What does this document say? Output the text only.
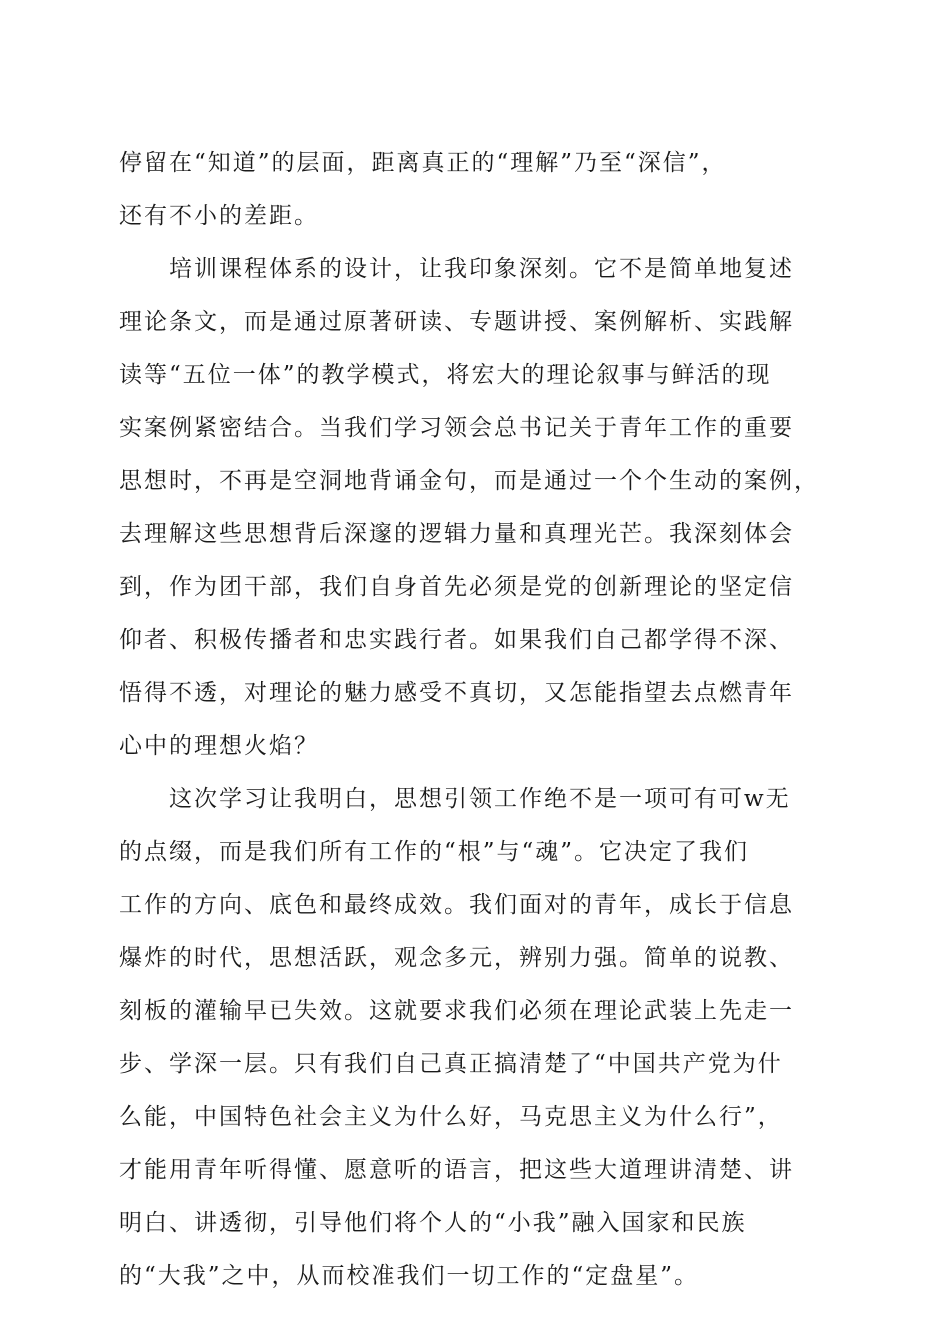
停留在“知道”的层面，距离真正的“理解”乃至“深信”，
还有不小的差距。
培训课程体系的设计，让我印象深刻。它不是简单地复述
理论条文，而是通过原著研读、专题讲授、案例解析、实践解
读等“五位一体”的教学模式，将宏大的理论叙事与鲜活的现
实案例紧密结合。当我们学习领会总书记关于青年工作的重要
思想时，不再是空洞地背诵金句，而是通过一个个生动的案例，
去理解这些思想背后深邃的逻辑力量和真理光芒。我深刻体会
到，作为团干部，我们自身首先必须是党的创新理论的坚定信
仰者、积极传播者和忠实践行者。如果我们自己都学得不深、
悟得不透，对理论的魅力感受不真切，又怎能指望去点燃青年
心中的理想火焰？
这次学习让我明白，思想引领工作绝不是一项可有可w无
的点缀，而是我们所有工作的“根”与“魂”。它决定了我们
工作的方向、底色和最终成效。我们面对的青年，成长于信息
爆炸的时代，思想活跃，观念多元，辨别力强。简单的说教、
刻板的灌输早已失效。这就要求我们必须在理论武装上先走一
步、学深一层。只有我们自己真正搞清楚了“中国共产党为什
么能，中国特色社会主义为什么好，马克思主义为什么行”，
才能用青年听得懂、愿意听的语言，把这些大道理讲清楚、讲
明白、讲透彻，引导他们将个人的“小我”融入国家和民族
的“大我”之中，从而校准我们一切工作的“定盘星”。
